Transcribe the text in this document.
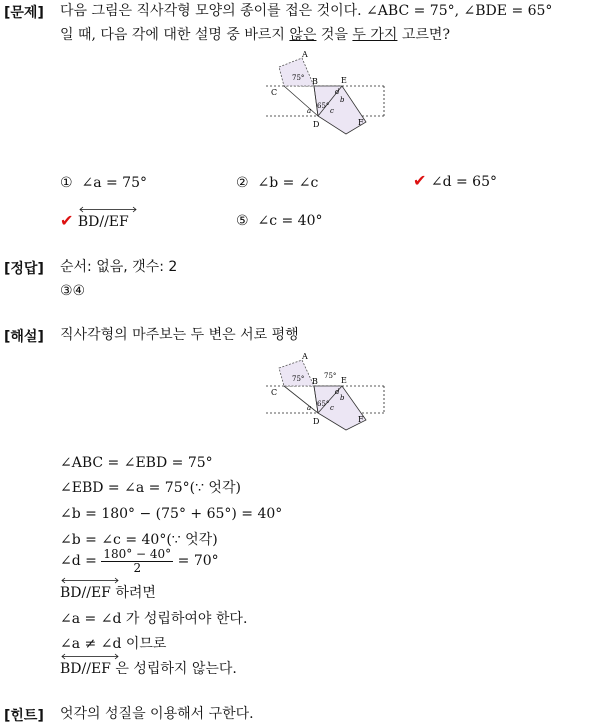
[문제] 다음 그림은 직사각형 모양의 종이를 접은 것이다. ∠ABC = 75°, ∠BDE = 65°
일 때, 다음 각에 대한 설명 중 바르지 않은 것을 두 가지 고르면?
A
B
C
E
75°
65°
d
b
c
a
D	F
① ∠a = 75°	② ∠b = ∠c	✔ ∠d = 65°
✔ BD//EF	⑤ ∠c = 40°
[정답] 순서: 없음, 갯수: 2
③④
[해설] 직사각형의 마주보는 두 변은 서로 평행
A
B
C
E
75°	75°
65°
d
b
c
a
D	F
∠ABC = ∠EBD = 75°
∠EBD = ∠a = 75°(∵ 엇각)
∠b = 180° − (75° + 65°) = 40°
∠b = ∠c = 40°(∵ 엇각)
∠d = $\frac{180^\circ - 40^\circ}{2} = 70^\circ$
BD//EF 하려면
∠a = ∠d 가 성립하여야 한다.
∠a ≠ ∠d 이므로
BD//EF 은 성립하지 않는다.
[힌트] 엇각의 성질을 이용해서 구한다.
